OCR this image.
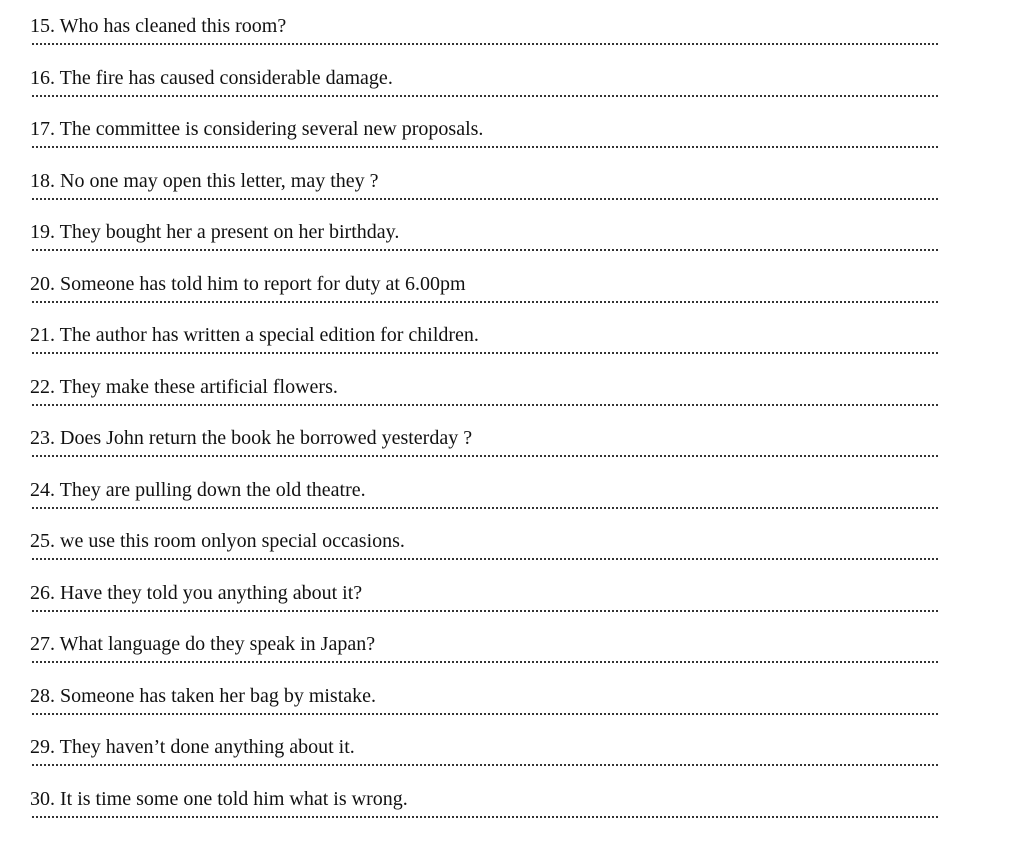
15. Who has cleaned this room?
16. The fire has caused considerable damage.
17. The committee is considering several new proposals.
18. No one may open this letter, may they ?
19. They bought her a present on her birthday.
20. Someone has told him to report for duty at 6.00pm
21. The author has written a special edition for children.
22. They make these artificial flowers.
23. Does John return the book he borrowed yesterday ?
24. They are pulling down the old theatre.
25. we use this room onlyon special occasions.
26. Have they told you anything about it?
27. What language do they speak in Japan?
28. Someone has taken her bag by mistake.
29. They haven’t done anything about it.
30. It is time some one told him what is wrong.
